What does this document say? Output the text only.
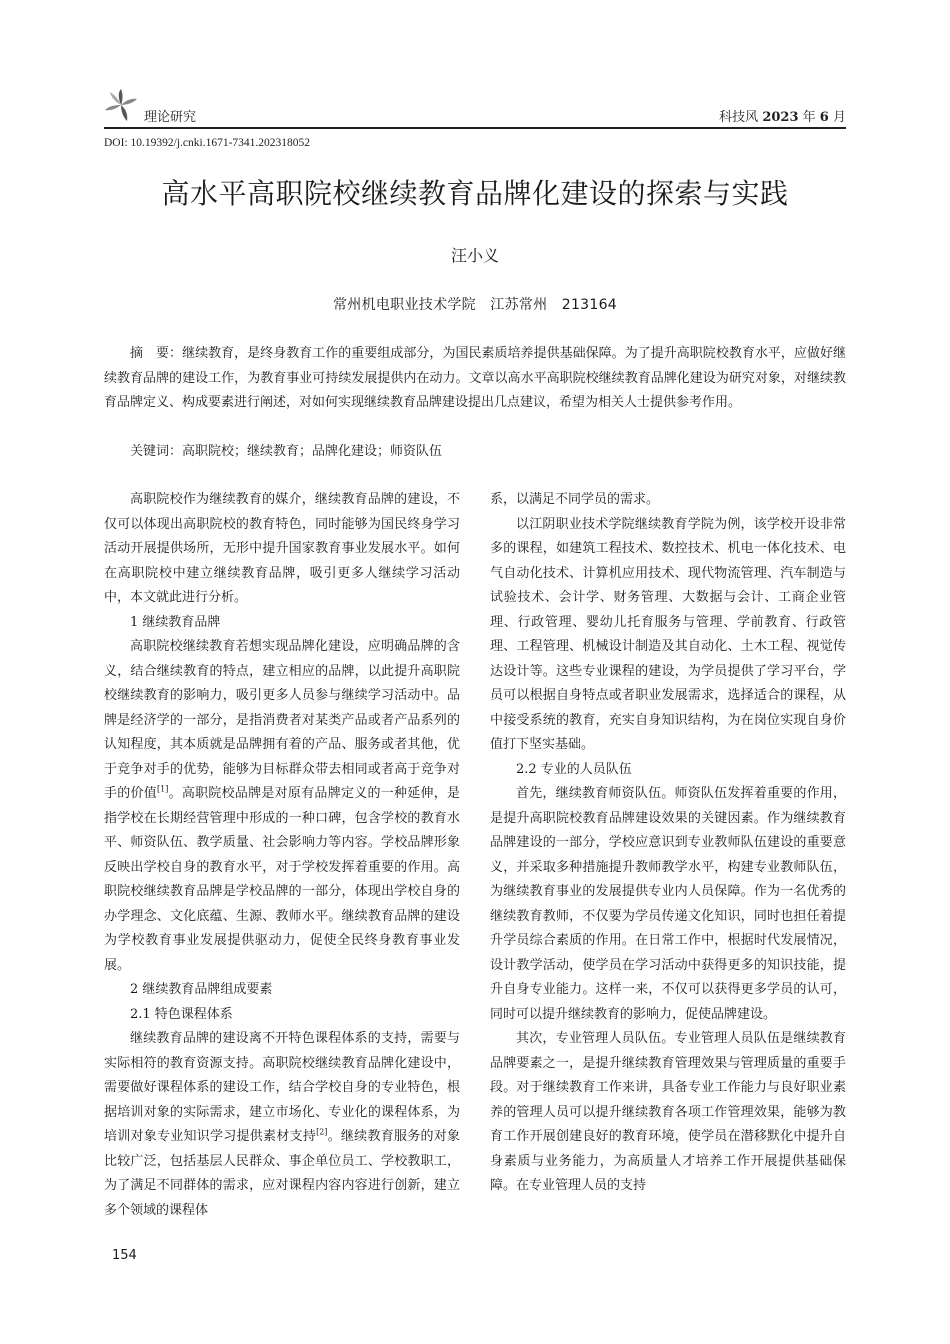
理论研究	科技风 2023 年 6 月
DOI: 10.19392/j.cnki.1671-7341.202318052
高水平高职院校继续教育品牌化建设的探索与实践
汪小义
常州机电职业技术学院　江苏常州　213164
摘　要：继续教育，是终身教育工作的重要组成部分，为国民素质培养提供基础保障。为了提升高职院校教育水平，应做好继续教育品牌的建设工作，为教育事业可持续发展提供内在动力。文章以高水平高职院校继续教育品牌化建设为研究对象，对继续教育品牌定义、构成要素进行阐述，对如何实现继续教育品牌建设提出几点建议，希望为相关人士提供参考作用。
关键词：高职院校；继续教育；品牌化建设；师资队伍

高职院校作为继续教育的媒介，继续教育品牌的建设，不仅可以体现出高职院校的教育特色，同时能够为国民终身学习活动开展提供场所，无形中提升国家教育事业发展水平。如何在高职院校中建立继续教育品牌，吸引更多人继续学习活动中，本文就此进行分析。

1 继续教育品牌

高职院校继续教育若想实现品牌化建设，应明确品牌的含义，结合继续教育的特点，建立相应的品牌，以此提升高职院校继续教育的影响力，吸引更多人员参与继续学习活动中。品牌是经济学的一部分，是指消费者对某类产品或者产品系列的认知程度，其本质就是品牌拥有着的产品、服务或者其他，优于竞争对手的优势，能够为目标群众带去相同或者高于竞争对手的价值[1]。高职院校品牌是对原有品牌定义的一种延伸，是指学校在长期经营管理中形成的一种口碑，包含学校的教育水平、师资队伍、教学质量、社会影响力等内容。学校品牌形象反映出学校自身的教育水平，对于学校发挥着重要的作用。高职院校继续教育品牌是学校品牌的一部分，体现出学校自身的办学理念、文化底蕴、生源、教师水平。继续教育品牌的建设为学校教育事业发展提供驱动力，促使全民终身教育事业发展。

2 继续教育品牌组成要素
2.1 特色课程体系

继续教育品牌的建设离不开特色课程体系的支持，需要与实际相符的教育资源支持。高职院校继续教育品牌化建设中，需要做好课程体系的建设工作，结合学校自身的专业特色，根据培训对象的实际需求，建立市场化、专业化的课程体系，为培训对象专业知识学习提供素材支持[2]。继续教育服务的对象比较广泛，包括基层人民群众、事企单位员工、学校教职工，为了满足不同群体的需求，应对课程内容内容进行创新，建立多个领域的课程体

系，以满足不同学员的需求。

以江阴职业技术学院继续教育学院为例，该学校开设非常多的课程，如建筑工程技术、数控技术、机电一体化技术、电气自动化技术、计算机应用技术、现代物流管理、汽车制造与试验技术、会计学、财务管理、大数据与会计、工商企业管理、行政管理、婴幼儿托育服务与管理、学前教育、行政管理、工程管理、机械设计制造及其自动化、土木工程、视觉传达设计等。这些专业课程的建设，为学员提供了学习平台，学员可以根据自身特点或者职业发展需求，选择适合的课程，从中接受系统的教育，充实自身知识结构，为在岗位实现自身价值打下坚实基础。

2.2 专业的人员队伍

首先，继续教育师资队伍。师资队伍发挥着重要的作用，是提升高职院校教育品牌建设效果的关键因素。作为继续教育品牌建设的一部分，学校应意识到专业教师队伍建设的重要意义，并采取多种措施提升教师教学水平，构建专业教师队伍，为继续教育事业的发展提供专业内人员保障。作为一名优秀的继续教育教师，不仅要为学员传递文化知识，同时也担任着提升学员综合素质的作用。在日常工作中，根据时代发展情况，设计教学活动，使学员在学习活动中获得更多的知识技能，提升自身专业能力。这样一来，不仅可以获得更多学员的认可，同时可以提升继续教育的影响力，促使品牌建设。

其次，专业管理人员队伍。专业管理人员队伍是继续教育品牌要素之一，是提升继续教育管理效果与管理质量的重要手段。对于继续教育工作来讲，具备专业工作能力与良好职业素养的管理人员可以提升继续教育各项工作管理效果，能够为教育工作开展创建良好的教育环境，使学员在潜移默化中提升自身素质与业务能力，为高质量人才培养工作开展提供基础保障。在专业管理人员的支持

154
